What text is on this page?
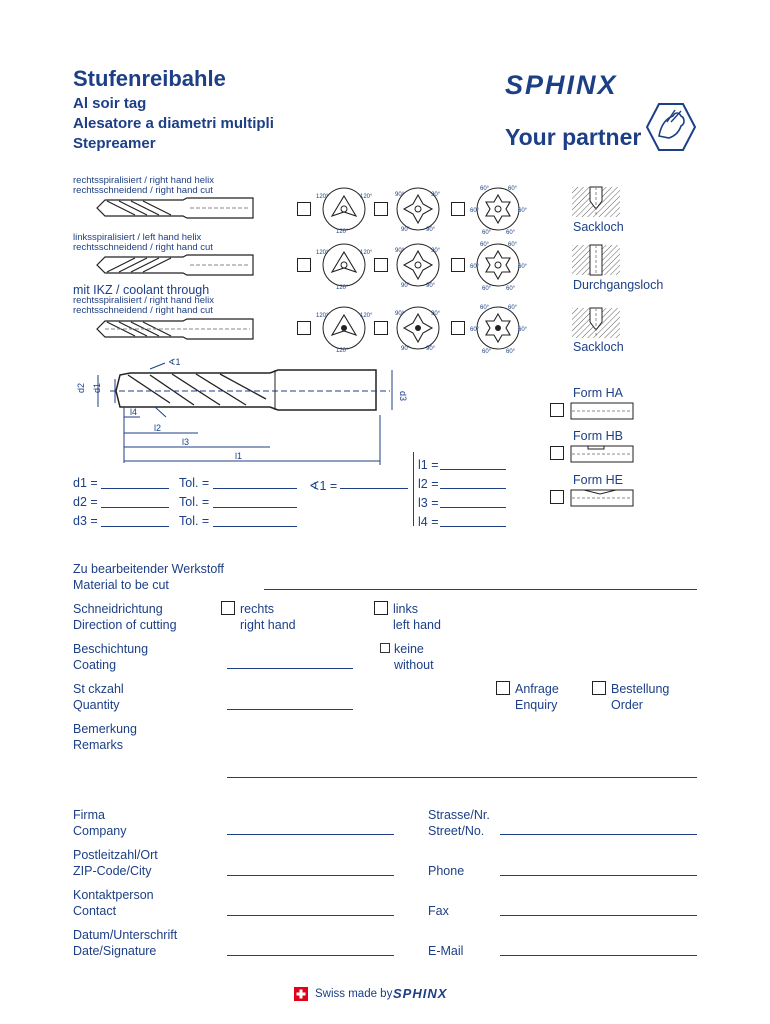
Stufenreibahle
Al soir tag
Alesatore a diametri multipli
Stepreamer
SPHINX
Your partner
rechtsspiralisiert / right hand helix
rechtsschneidend / right hand cut
linksspiralisiert / left hand helix
rechtsschneidend / right hand cut
mit IKZ / coolant through
rechtsspiralisiert / right hand helix
rechtsschneidend / right hand cut
120°	120°
120°
90°	90°
90°	90°
60°	60°
60°	60°
60° 60°
120°	120°
120°
90°	90°
90°	90°
60°	60°
60°	60°
60° 60°
120°	120°
120°
90°	90°
90°	90°
60°	60°
60°	60°
60° 60°
Sackloch
Durchgangsloch
Sackloch
∢1
d2 d1
d3
l4
l2
l3
l1
Form HA
Form HB
Form HE
d1 =	Tol. =	∢1 =
d2 =	Tol. =
d3 =	Tol. =
l1 =
l2 =
l3 =
l4 =
Zu bearbeitender Werkstoff
Material to be cut
Schneidrichtung
Direction of cutting
rechts
right hand
links
left hand
Beschichtung
Coating
keine
without
St ckzahl
Quantity
Anfrage
Enquiry
Bestellung
Order
Bemerkung
Remarks
Firma
Company
Strasse/Nr.
Street/No.
Postleitzahl/Ort
ZIP-Code/City	Phone
Kontaktperson
Contact	Fax
Datum/Unterschrift
Date/Signature	E-Mail
Swiss made by SPHINX
